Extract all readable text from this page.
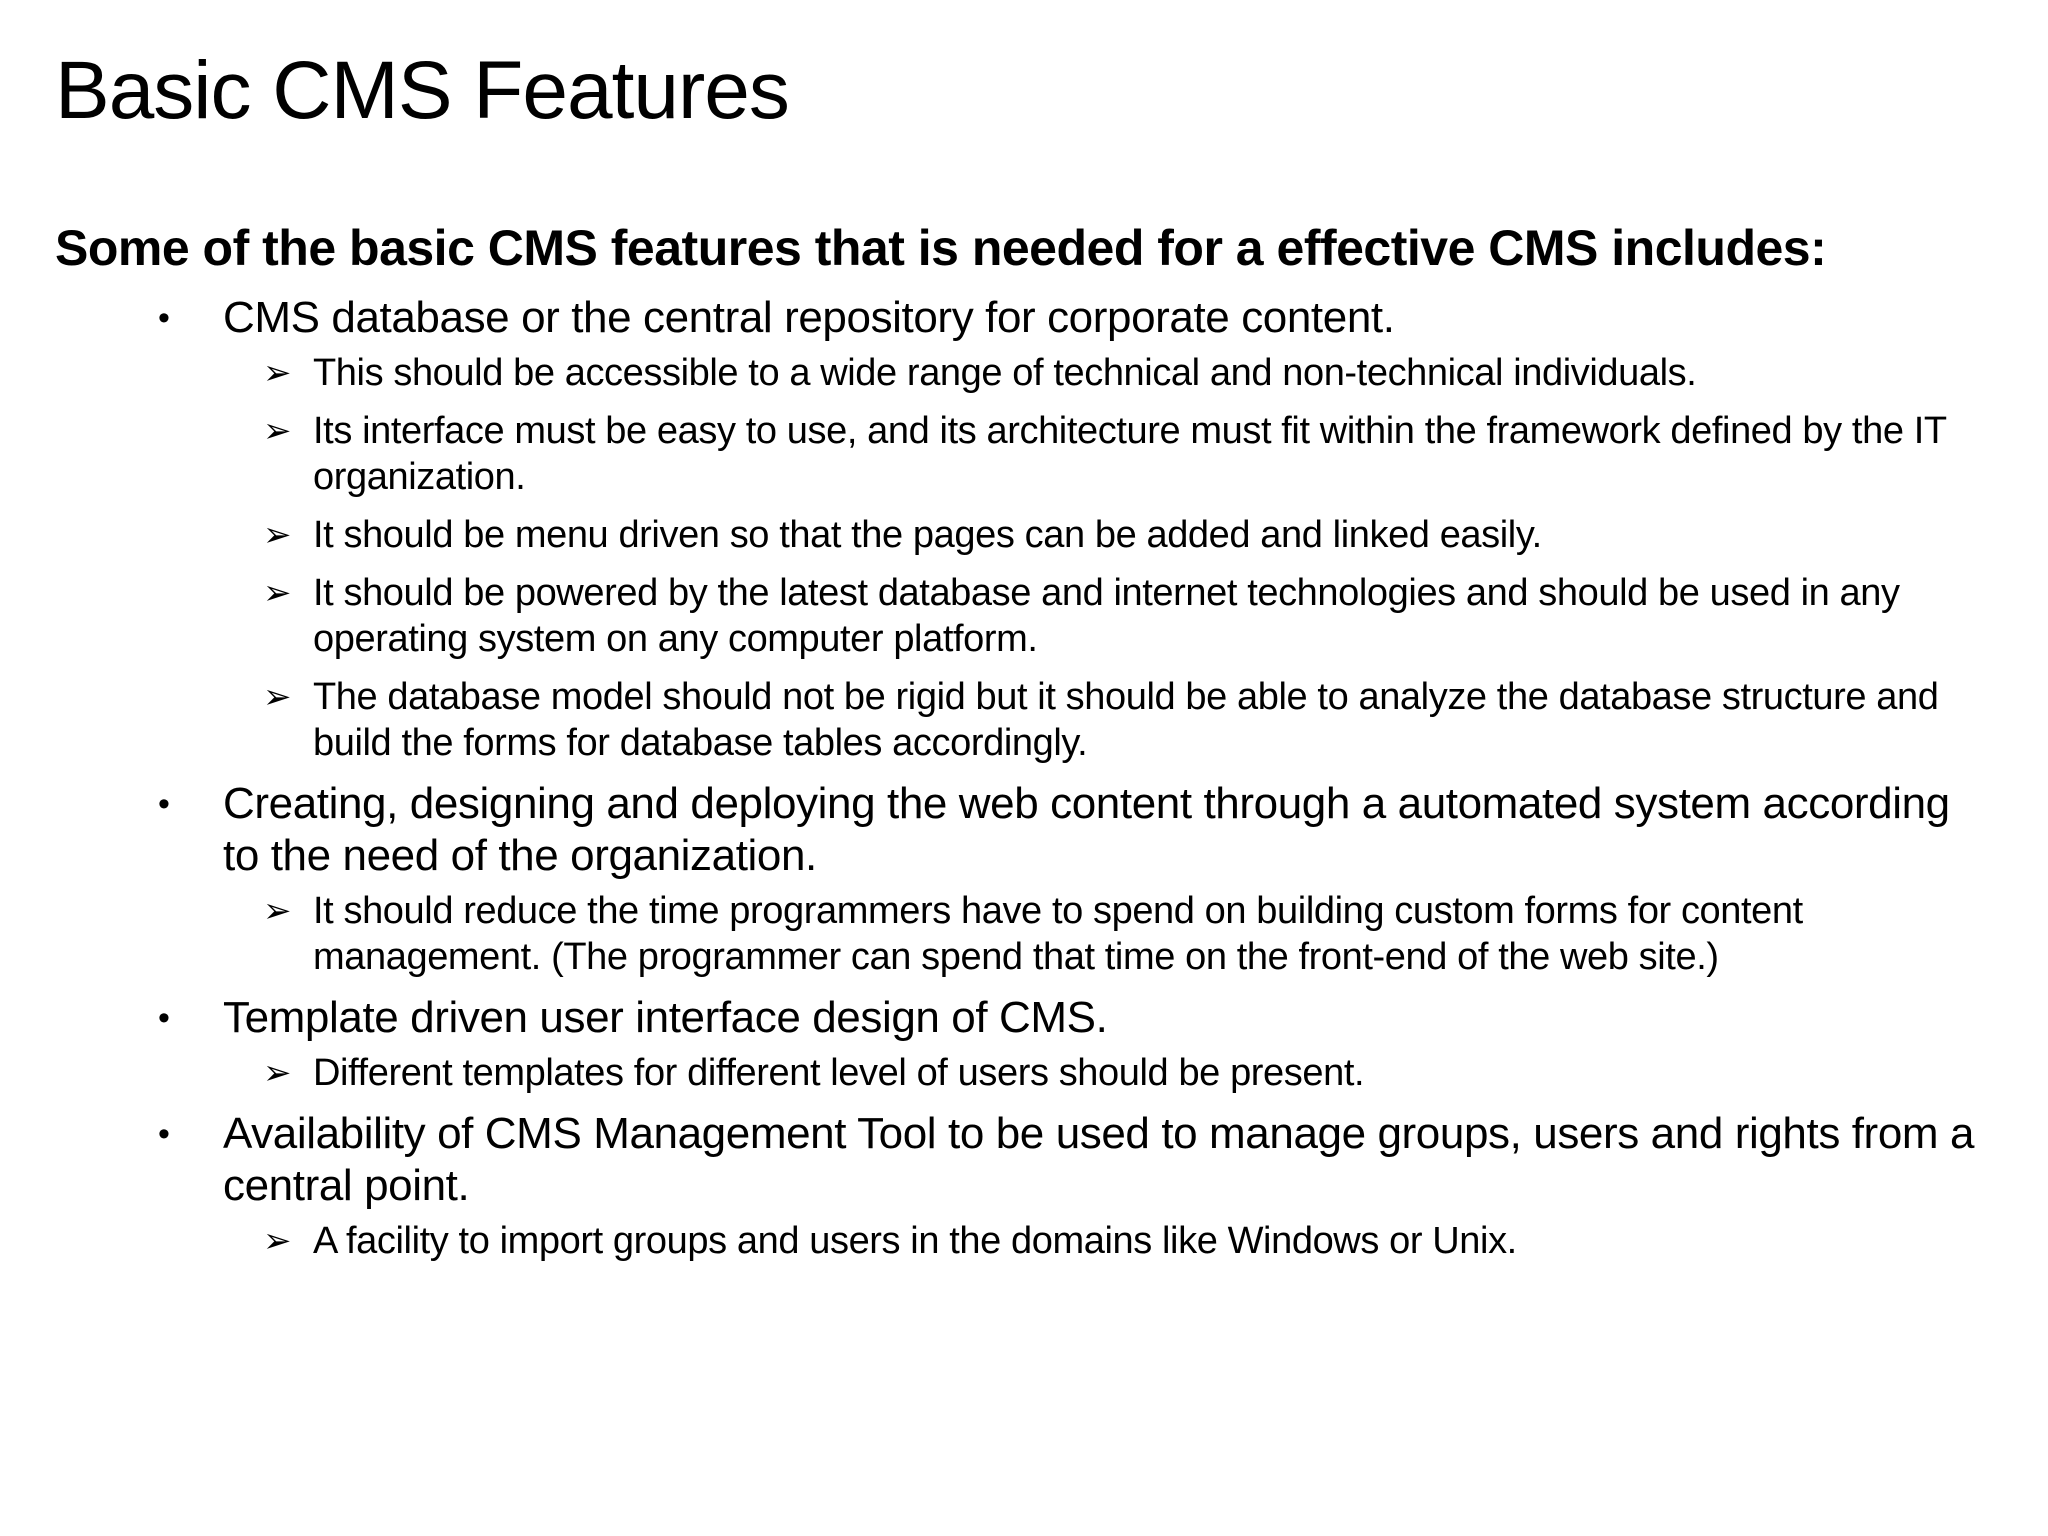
Basic CMS Features

Some of the basic CMS features that is needed for a effective CMS includes:

• CMS database or the central repository for corporate content.
➢ This should be accessible to a wide range of technical and non-technical individuals.
➢ Its interface must be easy to use, and its architecture must fit within the framework defined by the IT organization.
➢ It should be menu driven so that the pages can be added and linked easily.
➢ It should be powered by the latest database and internet technologies and should be used in any operating system on any computer platform.
➢ The database model should not be rigid but it should be able to analyze the database structure and build the forms for database tables accordingly.
• Creating, designing and deploying the web content through a automated system according to the need of the organization.
➢ It should reduce the time programmers have to spend on building custom forms for content management. (The programmer can spend that time on the front-end of the web site.)
• Template driven user interface design of CMS.
➢ Different templates for different level of users should be present.
• Availability of CMS Management Tool to be used to manage groups, users and rights from a central point.
➢ A facility to import groups and users in the domains like Windows or Unix.
